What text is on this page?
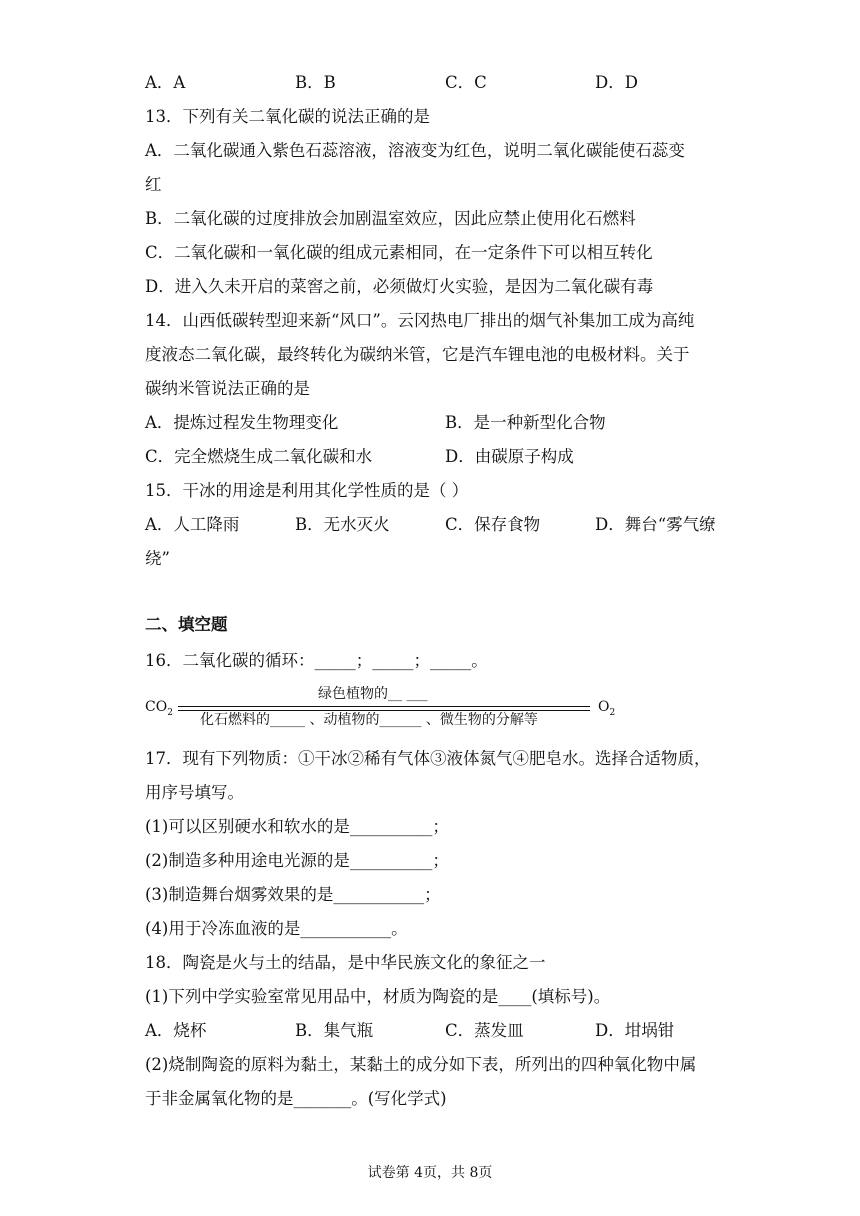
A．A	B．B	C．C	D．D
13．下列有关二氧化碳的说法正确的是
A．二氧化碳通入紫色石蕊溶液，溶液变为红色，说明二氧化碳能使石蕊变
红
B．二氧化碳的过度排放会加剧温室效应，因此应禁止使用化石燃料
C．二氧化碳和一氧化碳的组成元素相同，在一定条件下可以相互转化
D．进入久未开启的菜窖之前，必须做灯火实验，是因为二氧化碳有毒
14．山西低碳转型迎来新“风口”。云冈热电厂排出的烟气补集加工成为高纯
度液态二氧化碳，最终转化为碳纳米管，它是汽车锂电池的电极材料。关于
碳纳米管说法正确的是
A．提炼过程发生物理变化	B．是一种新型化合物
C．完全燃烧生成二氧化碳和水	D．由碳原子构成
15．干冰的用途是利用其化学性质的是（ ）
A．人工降雨	B．无水灭火	C．保存食物	D．舞台“雾气缭
绕”
二、填空题
16．二氧化碳的循环：_____；_____；_____。
$CO_2$
绿色植物的__ ___
化石燃料的_____ 、动植物的______ 、微生物的分解等
$O_2$
17．现有下列物质：①干冰②稀有气体③液体氮气④肥皂水。选择合适物质，
用序号填写。
(1)可以区别硬水和软水的是__________；
(2)制造多种用途电光源的是__________；
(3)制造舞台烟雾效果的是___________；
(4)用于冷冻血液的是___________。
18．陶瓷是火与土的结晶，是中华民族文化的象征之一
(1)下列中学实验室常见用品中，材质为陶瓷的是____(填标号)。
A．烧杯	B．集气瓶	C．蒸发皿	D．坩埚钳
(2)烧制陶瓷的原料为黏土，某黏土的成分如下表，所列出的四种氧化物中属
于非金属氧化物的是_______。(写化学式)
试卷第 4页，共 8页
